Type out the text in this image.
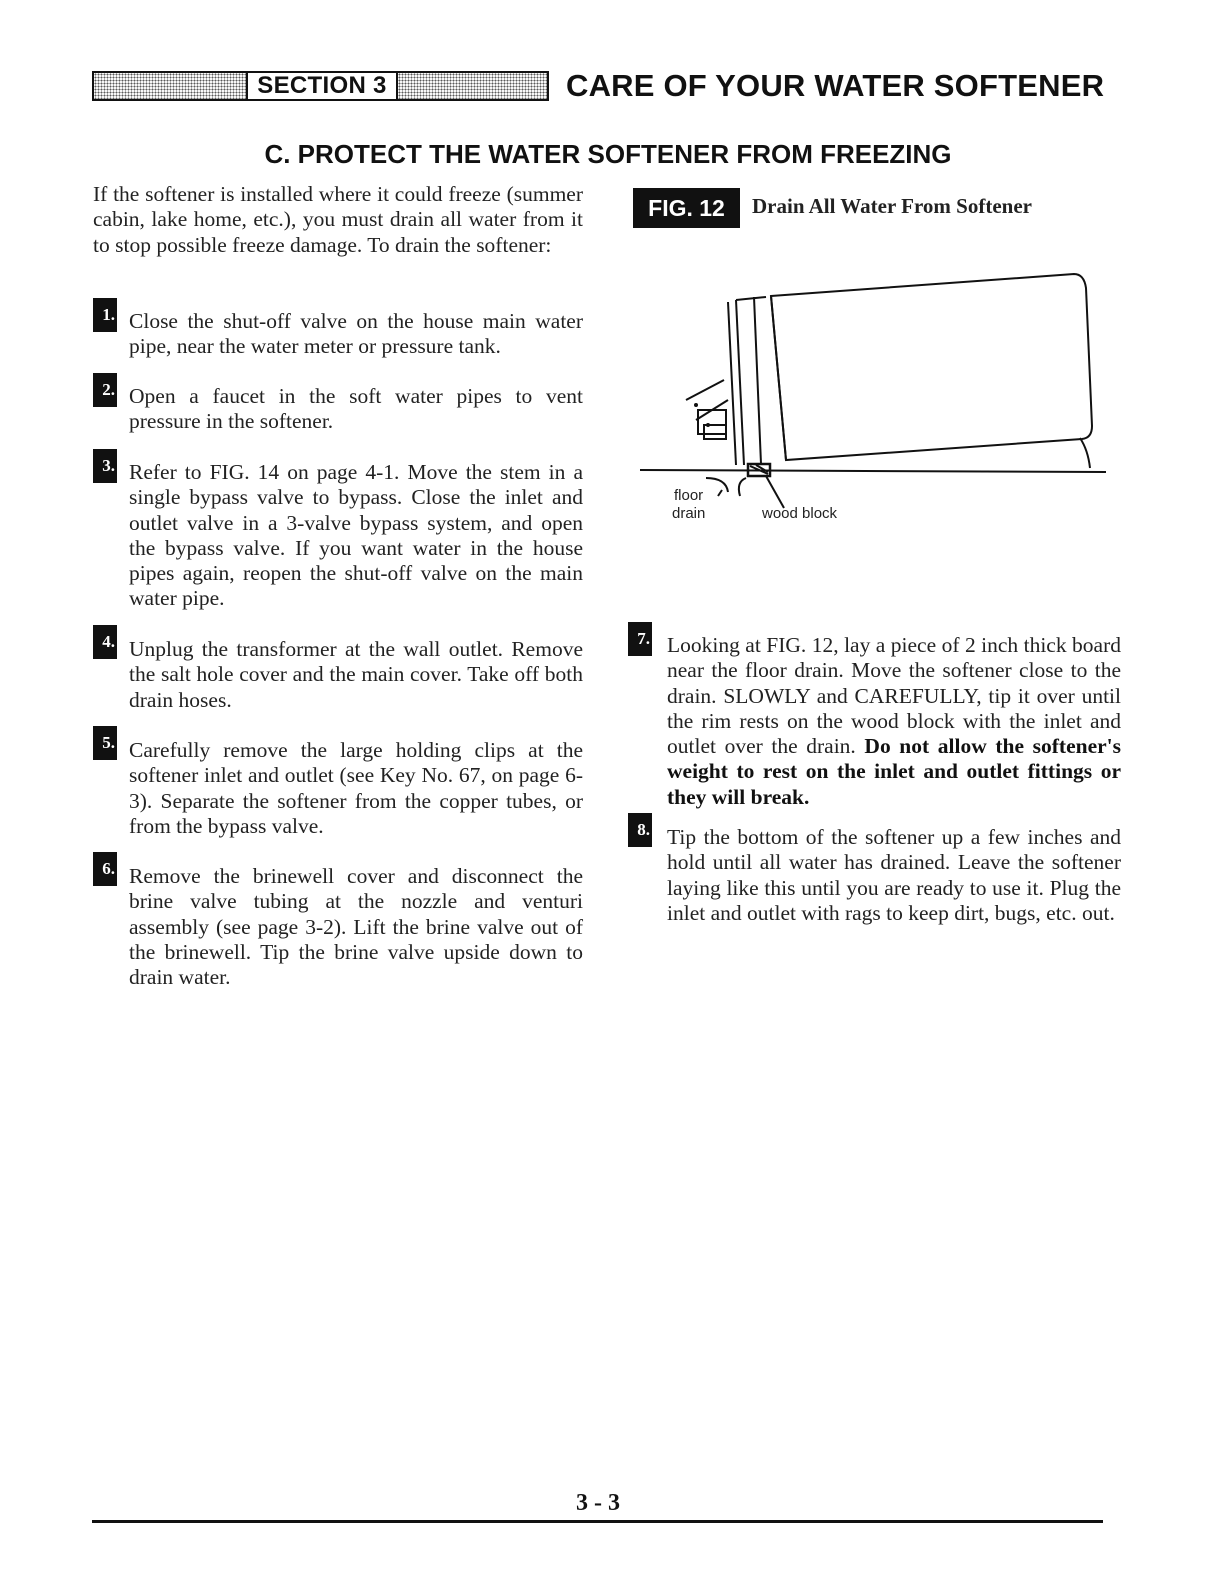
SECTION 3	CARE OF YOUR WATER SOFTENER
C. PROTECT THE WATER SOFTENER FROM FREEZING
If the softener is installed where it could freeze (summer cabin, lake home, etc.), you must drain all water from it to stop possible freeze damage. To drain the softener:
1. Close the shut-off valve on the house main water pipe, near the water meter or pressure tank.
2. Open a faucet in the soft water pipes to vent pressure in the softener.
3. Refer to FIG. 14 on page 4-1. Move the stem in a single bypass valve to bypass. Close the inlet and outlet valve in a 3-valve bypass system, and open the bypass valve. If you want water in the house pipes again, reopen the shut-off valve on the main water pipe.
4. Unplug the transformer at the wall outlet. Remove the salt hole cover and the main cover. Take off both drain hoses.
5. Carefully remove the large holding clips at the softener inlet and outlet (see Key No. 67, on page 6-3). Separate the softener from the copper tubes, or from the bypass valve.
6. Remove the brinewell cover and disconnect the brine valve tubing at the nozzle and venturi assembly (see page 3-2). Lift the brine valve out of the brinewell. Tip the brine valve upside down to drain water.
FIG. 12	Drain All Water From Softener
floor
drain	wood block
7. Looking at FIG. 12, lay a piece of 2 inch thick board near the floor drain. Move the softener close to the drain. SLOWLY and CAREFULLY, tip it over until the rim rests on the wood block with the inlet and outlet over the drain. Do not allow the softener's weight to rest on the inlet and outlet fittings or they will break.
8. Tip the bottom of the softener up a few inches and hold until all water has drained. Leave the softener laying like this until you are ready to use it. Plug the inlet and outlet with rags to keep dirt, bugs, etc. out.
3 - 3
